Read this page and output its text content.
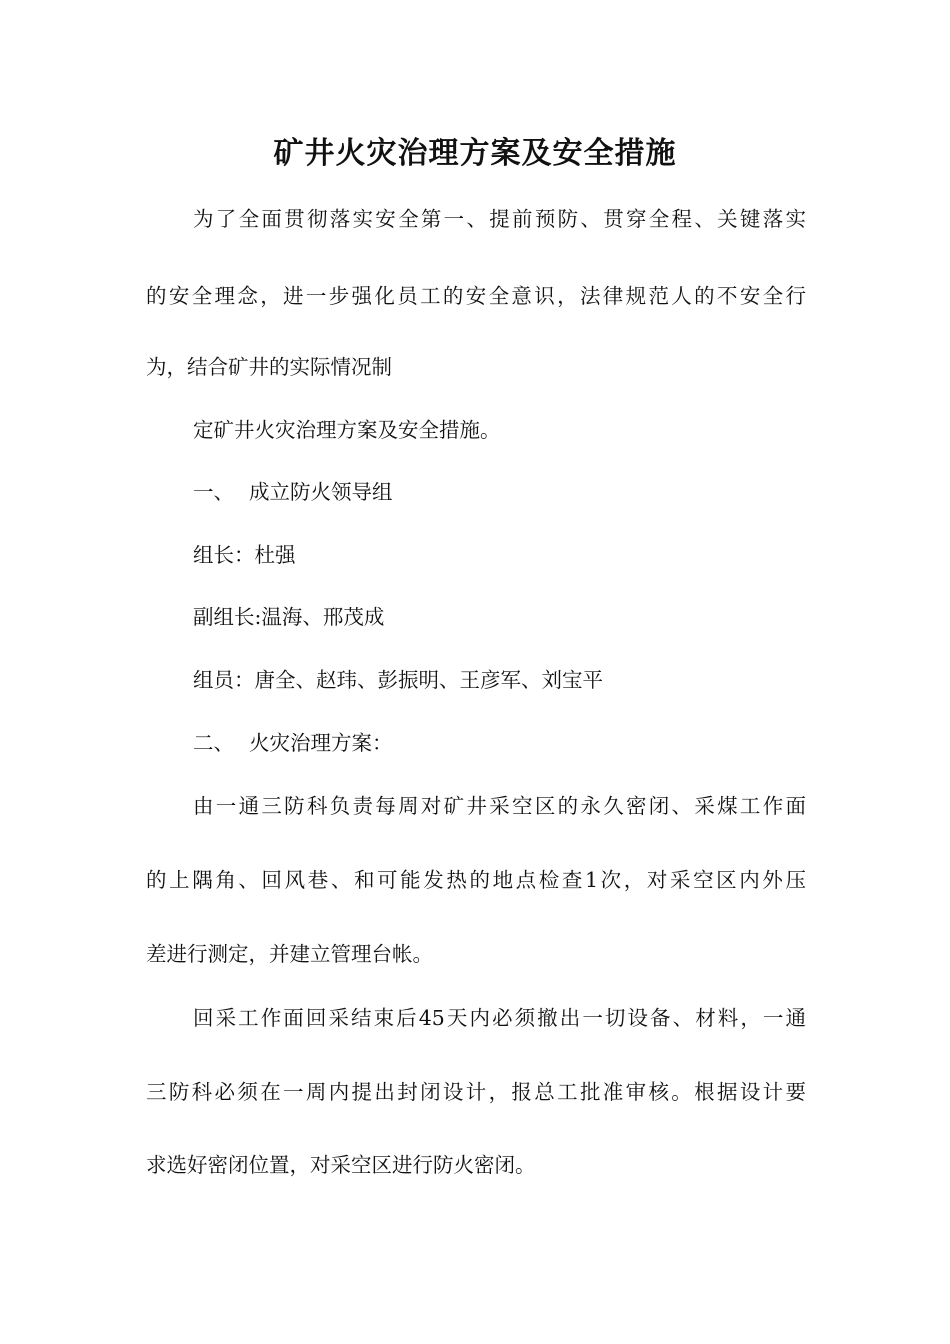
矿井火灾治理方案及安全措施
为了全面贯彻落实安全第一、提前预防、贯穿全程、关键落实
的安全理念，进一步强化员工的安全意识，法律规范人的不安全行
为，结合矿井的实际情况制
定矿井火灾治理方案及安全措施。
一、 成立防火领导组
组长：杜强
副组长:温海、邢茂成
组员：唐全、赵玮、彭振明、王彦军、刘宝平
二、 火灾治理方案：
由一通三防科负责每周对矿井采空区的永久密闭、采煤工作面
的上隅角、回风巷、和可能发热的地点检查1次，对采空区内外压
差进行测定，并建立管理台帐。
回采工作面回采结束后45天内必须撤出一切设备、材料，一通
三防科必须在一周内提出封闭设计，报总工批准审核。根据设计要
求选好密闭位置，对采空区进行防火密闭。
